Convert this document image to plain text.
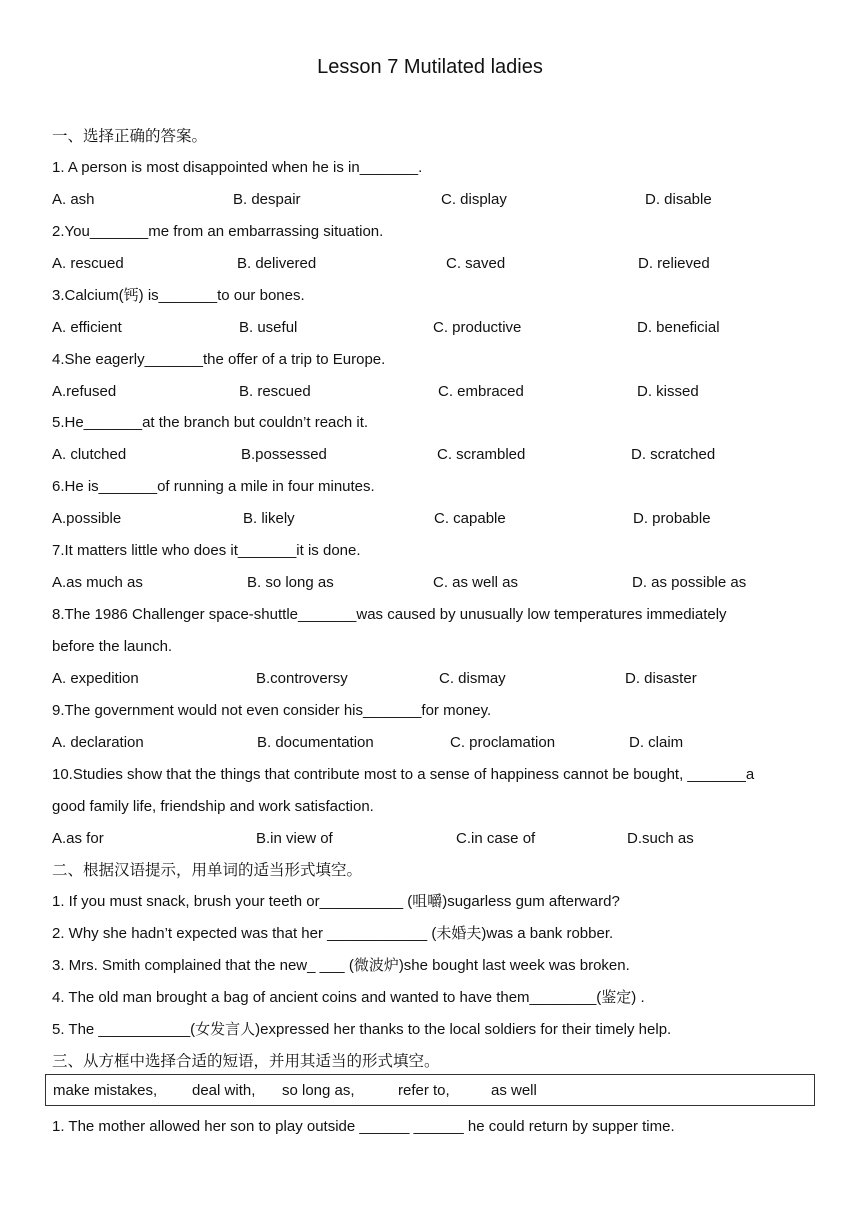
Lesson 7 Mutilated ladies
一、选择正确的答案。
1. A person is most disappointed when he is in_______.
A. ash	B. despair	C. display	D. disable
2.You_______me from an embarrassing situation.
A. rescued	B. delivered	C. saved	D. relieved
3.Calcium(钙) is_______to our bones.
A. efficient	B. useful	C. productive	D. beneficial
4.She eagerly_______the offer of a trip to Europe.
A.refused	B. rescued	C. embraced	D. kissed
5.He_______at the branch but couldn’t reach it.
A. clutched	B.possessed	C. scrambled	D. scratched
6.He is_______of running a mile in four minutes.
A.possible	B. likely	C. capable	D. probable
7.It matters little who does it_______it is done.
A.as much as	B. so long as	C. as well as	D. as possible as
8.The 1986 Challenger space-shuttle_______was caused by unusually low temperatures immediately
before the launch.
A. expedition	B.controversy	C. dismay	D. disaster
9.The government would not even consider his_______for money.
A. declaration	B. documentation	C. proclamation	D. claim
10.Studies show that the things that contribute most to a sense of happiness cannot be bought, _______a
good family life, friendship and work satisfaction.
A.as for	B.in view of	C.in case of	D.such as
二、根据汉语提示，用单词的适当形式填空。
1. If you must snack, brush your teeth or__________ (咀嚼)sugarless gum afterward?
2. Why she hadn’t expected was that her ____________ (未婚夫)was a bank robber.
3. Mrs. Smith complained that the new_ ___ (微波炉)she bought last week was broken.
4. The old man brought a bag of ancient coins and wanted to have them________(鉴定) .
5. The ___________(女发言人)expressed her thanks to the local soldiers for their timely help.
三、从方框中选择合适的短语，并用其适当的形式填空。
make mistakes, deal with, so long as,	refer to,	as well
1. The mother allowed her son to play outside ______ ______ he could return by supper time.
